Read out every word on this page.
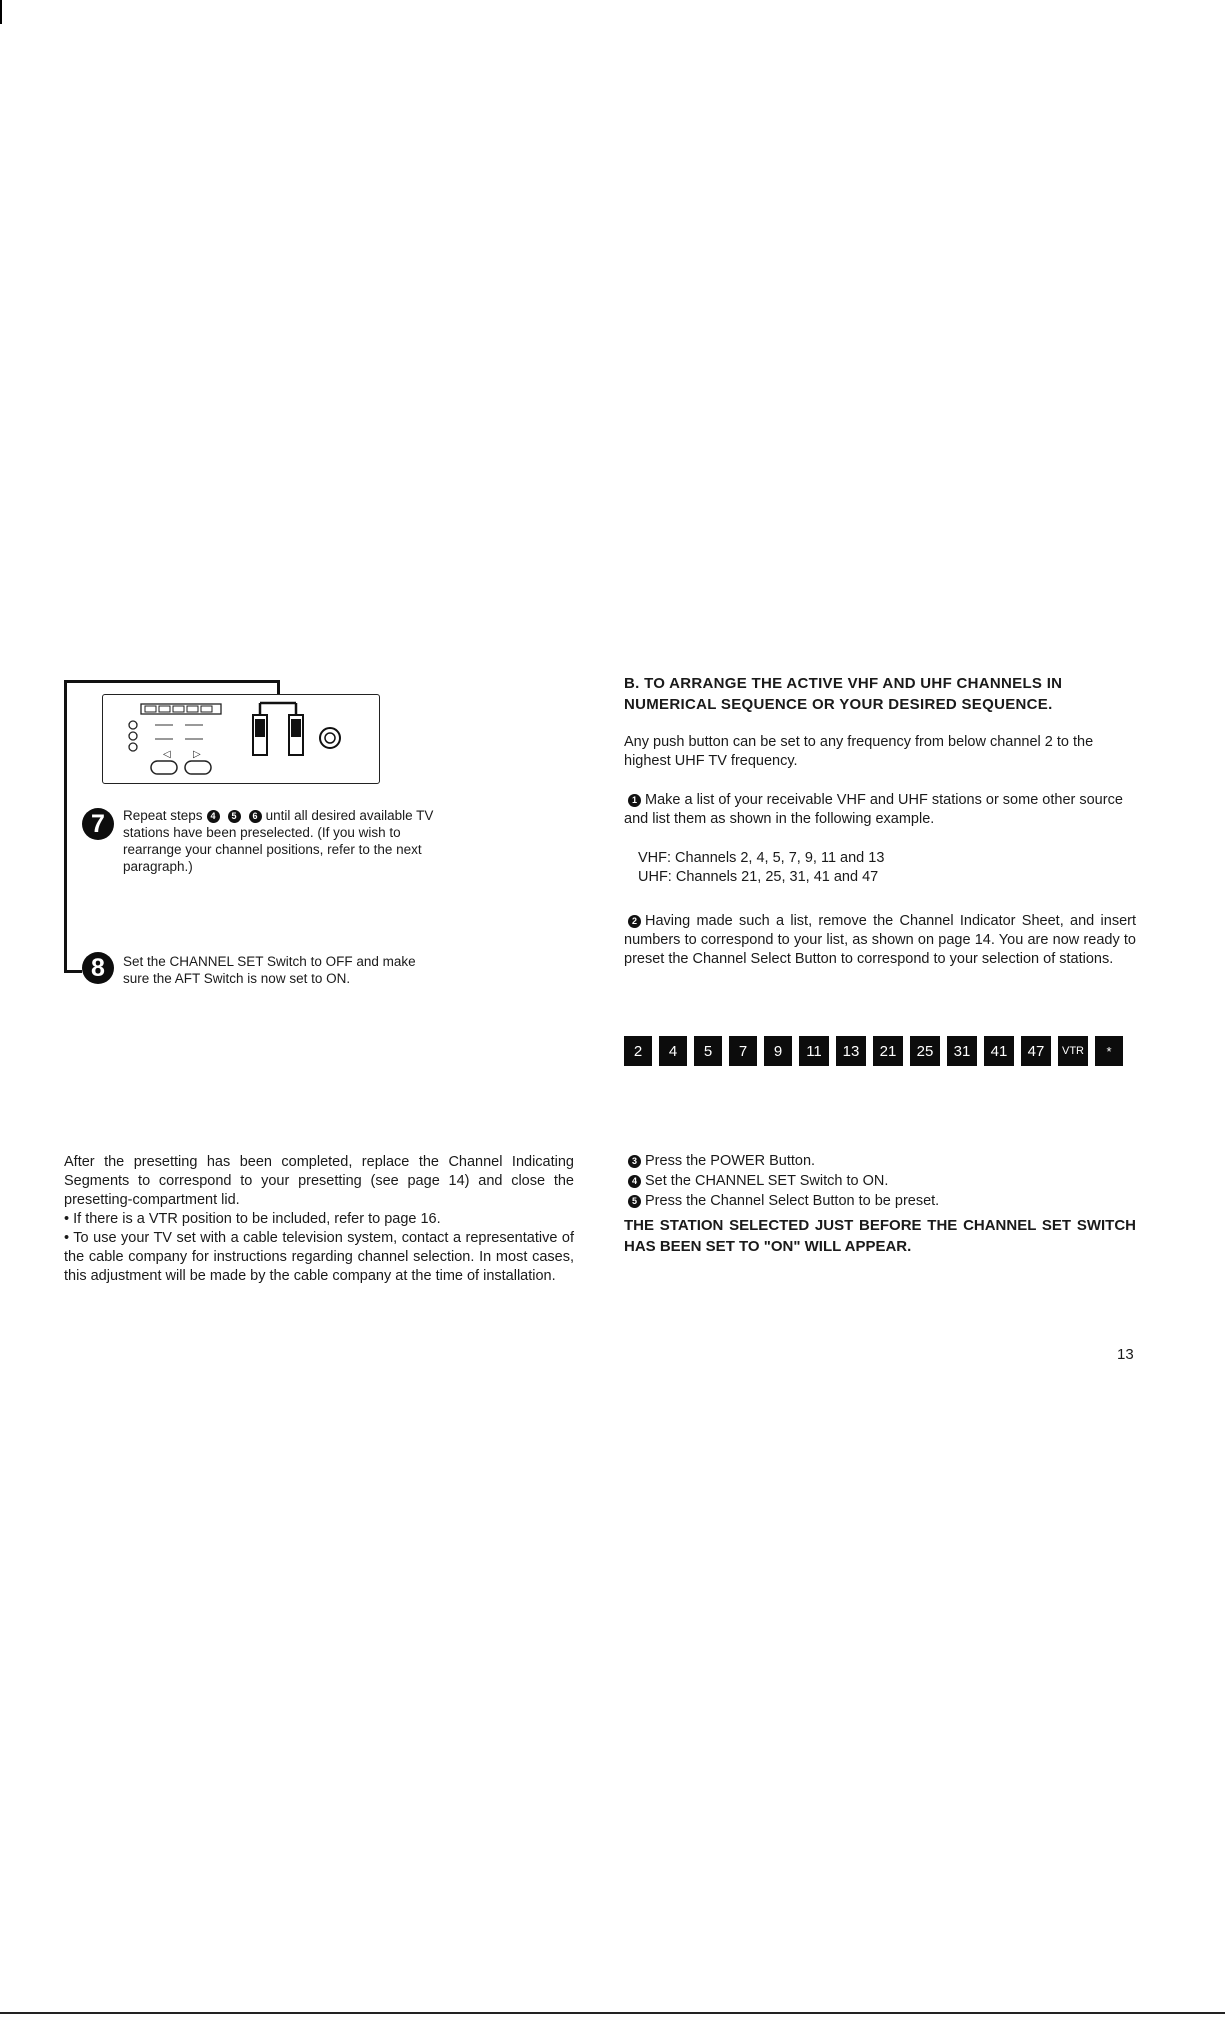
◁ ▷
7	Repeat steps 4 5 6 until all desired available TV stations have been preselected. (If you wish to rearrange your channel positions, refer to the next paragraph.)
8	Set the CHANNEL SET Switch to OFF and make sure the AFT Switch is now set to ON.

After the presetting has been completed, replace the Channel Indicating Segments to correspond to your presetting (see page 14) and close the presetting-compartment lid.

• If there is a VTR position to be included, refer to page 16.
• To use your TV set with a cable television system, contact a representative of the cable company for instructions regarding channel selection. In most cases, this adjustment will be made by the cable company at the time of installation.
B. TO ARRANGE THE ACTIVE VHF AND UHF CHANNELS IN NUMERICAL SEQUENCE OR YOUR DESIRED SEQUENCE.
Any push button can be set to any frequency from below channel 2 to the highest UHF TV frequency.
1 Make a list of your receivable VHF and UHF stations or some other source and list them as shown in the following example.
VHF: Channels 2, 4, 5, 7, 9, 11 and 13
UHF: Channels 21, 25, 31, 41 and 47
2 Having made such a list, remove the Channel Indicator Sheet, and insert numbers to correspond to your list, as shown on page 14. You are now ready to preset the Channel Select Button to correspond to your selection of stations.
2	4	5	7	9	11	13	21	25	31	41	47	VTR	*
3 Press the POWER Button.
4 Set the CHANNEL SET Switch to ON.
5 Press the Channel Select Button to be preset.
THE STATION SELECTED JUST BEFORE THE CHANNEL SET SWITCH HAS BEEN SET TO "ON" WILL APPEAR.
13
